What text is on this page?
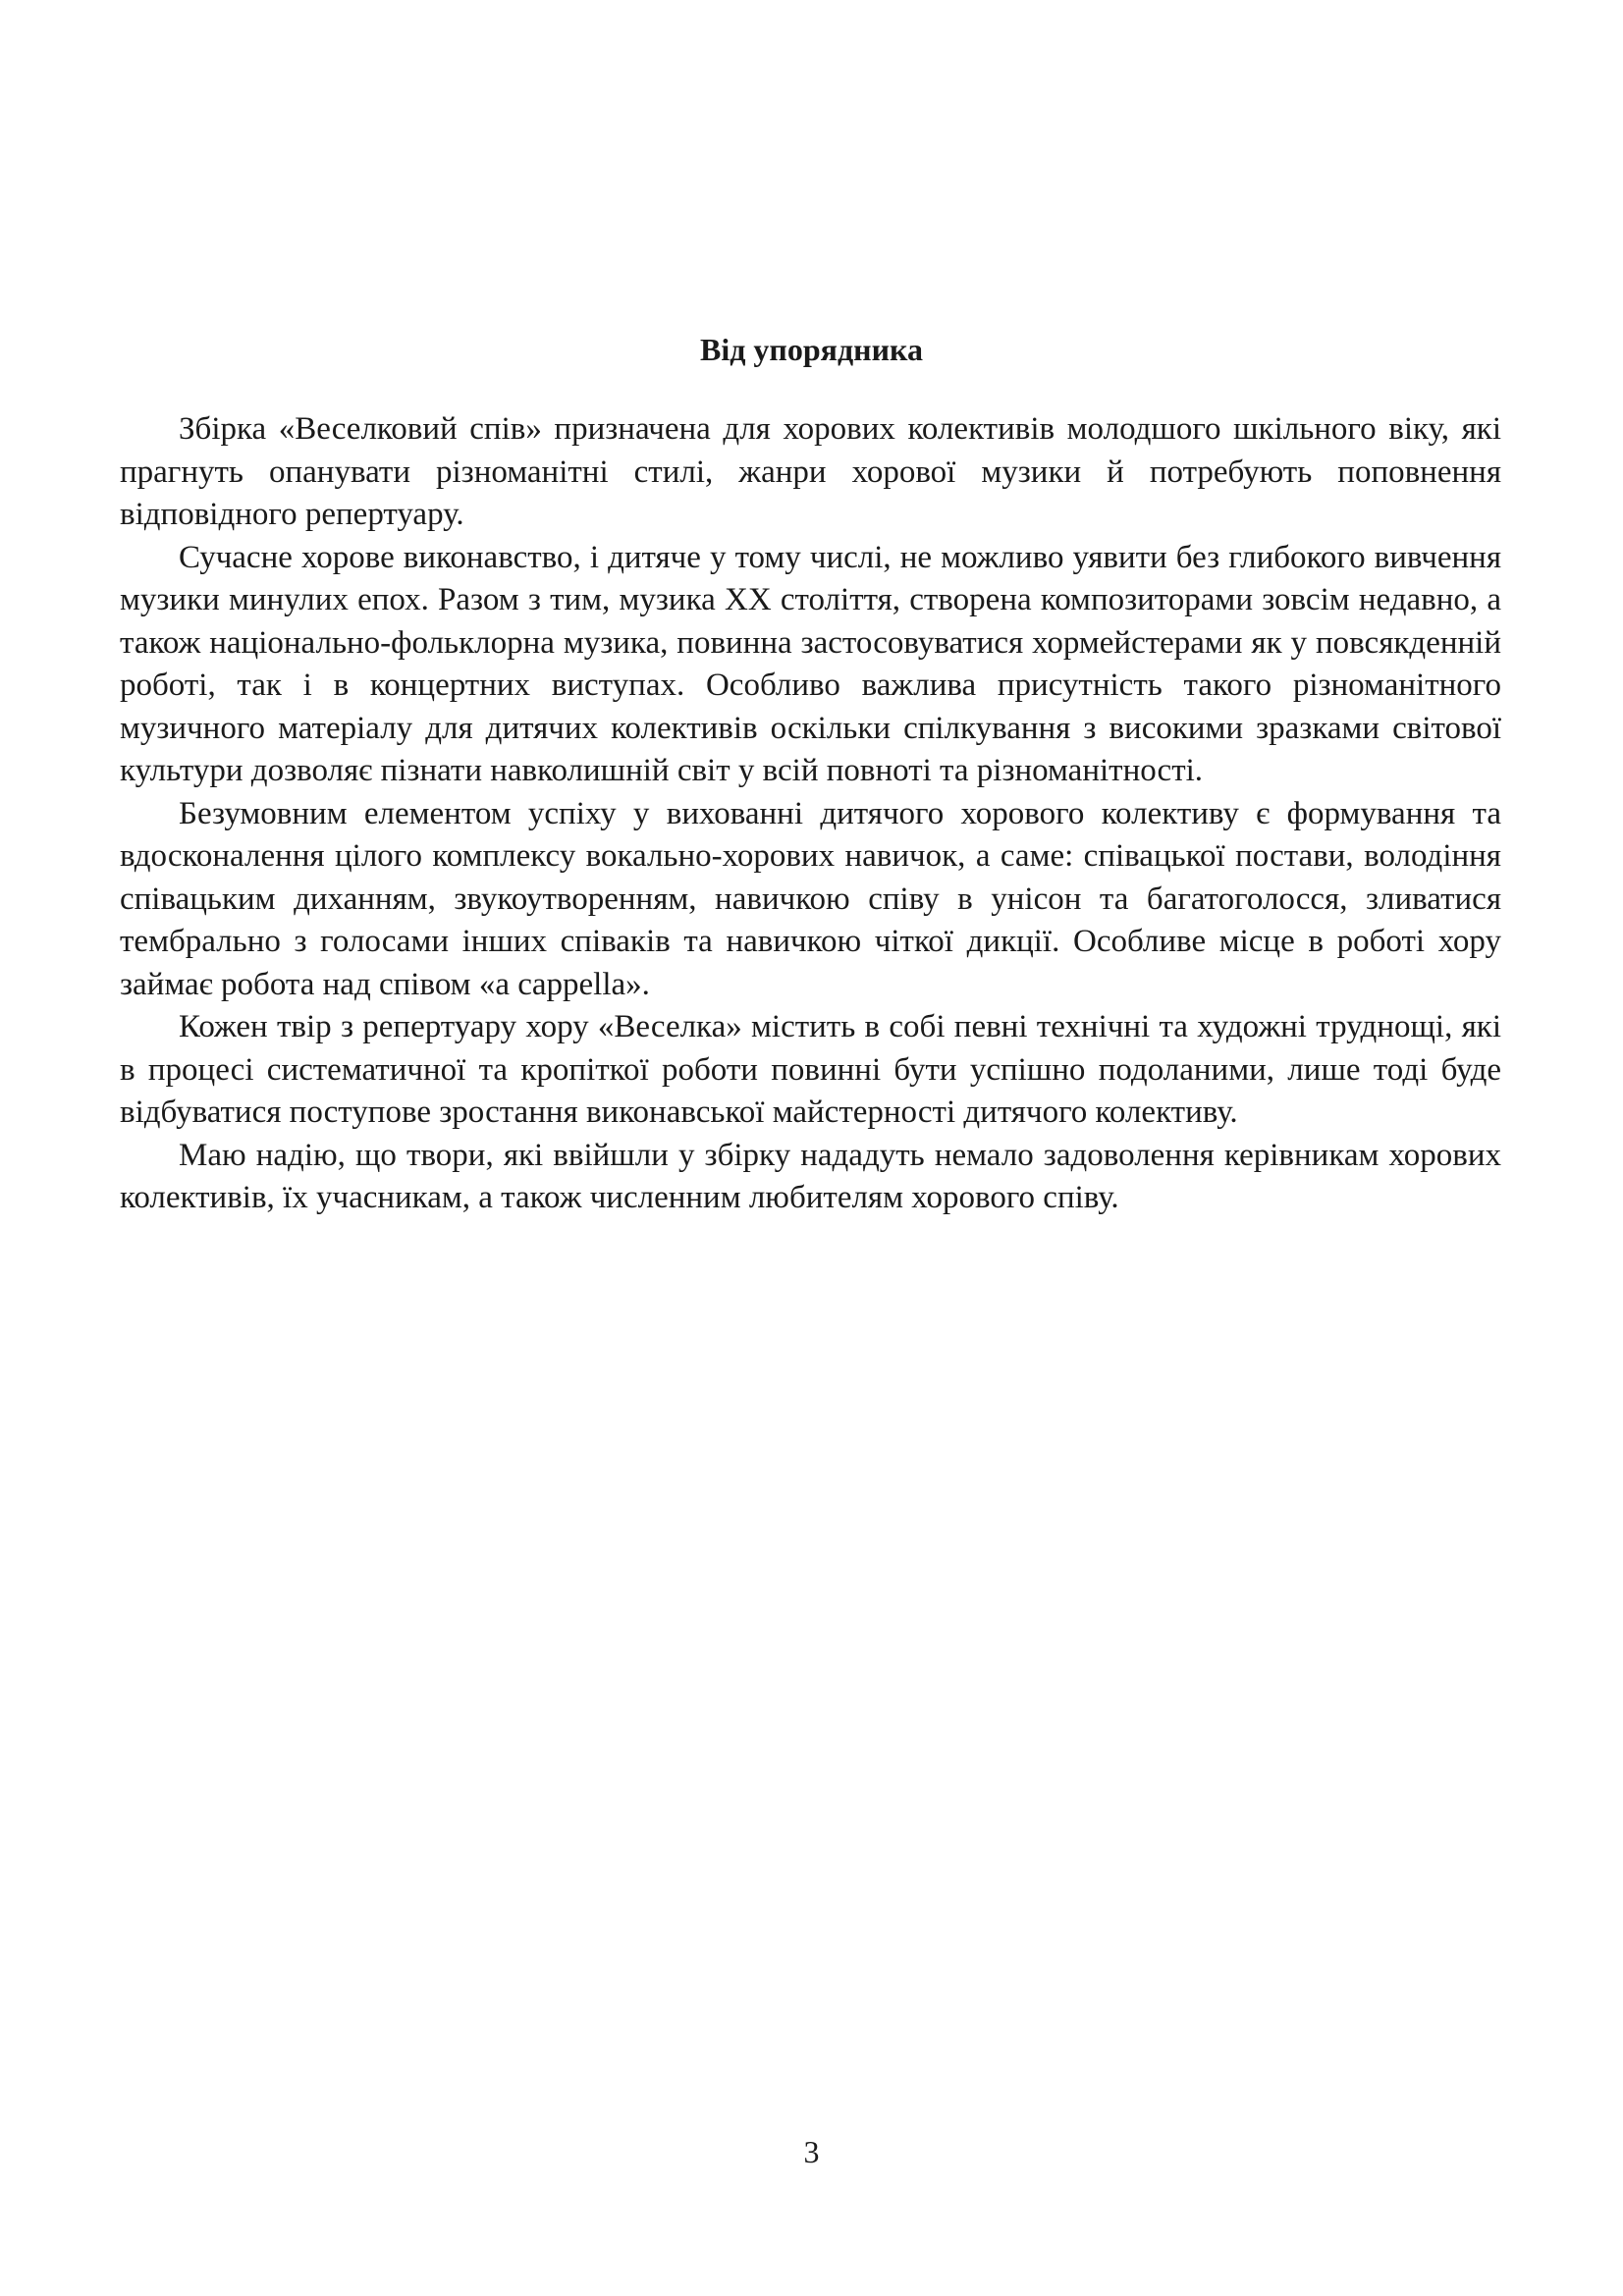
Від упорядника

Збірка «Веселковий спів» призначена для хорових колективів молодшого шкільного віку, які прагнуть опанувати різноманітні стилі, жанри хорової музики й потребують поповнення відповідного репертуару.

Сучасне хорове виконавство, і дитяче у тому числі, не можливо уявити без глибокого вивчення музики минулих епох. Разом з тим, музика ХХ століття, створена композиторами зовсім недавно, а також національно-фольклорна музика, повинна застосовуватися хормейстерами як у повсякденній роботі, так і в концертних виступах. Особливо важлива присутність такого різноманітного музичного матеріалу для дитячих колективів оскільки спілкування з високими зразками світової культури дозволяє пізнати навколишній світ у всій повноті та різноманітності.

Безумовним елементом успіху у вихованні дитячого хорового колективу є формування та вдосконалення цілого комплексу вокально-хорових навичок, а саме: співацької постави, володіння співацьким диханням, звукоутворенням, навичкою співу в унісон та багатоголосся, зливатися тембрально з голосами інших співаків та навичкою чіткої дикції. Особливе місце в роботі хору займає робота над співом «a cappella».

Кожен твір з репертуару хору «Веселка» містить в собі певні технічні та художні труднощі, які в процесі систематичної та кропіткої роботи повинні бути успішно подоланими, лише тоді буде відбуватися поступове зростання виконавської майстерності дитячого колективу.

Маю надію, що твори, які ввійшли у збірку нададуть немало задоволення керівникам хорових колективів, їх учасникам, а також численним любителям хорового співу.

3
